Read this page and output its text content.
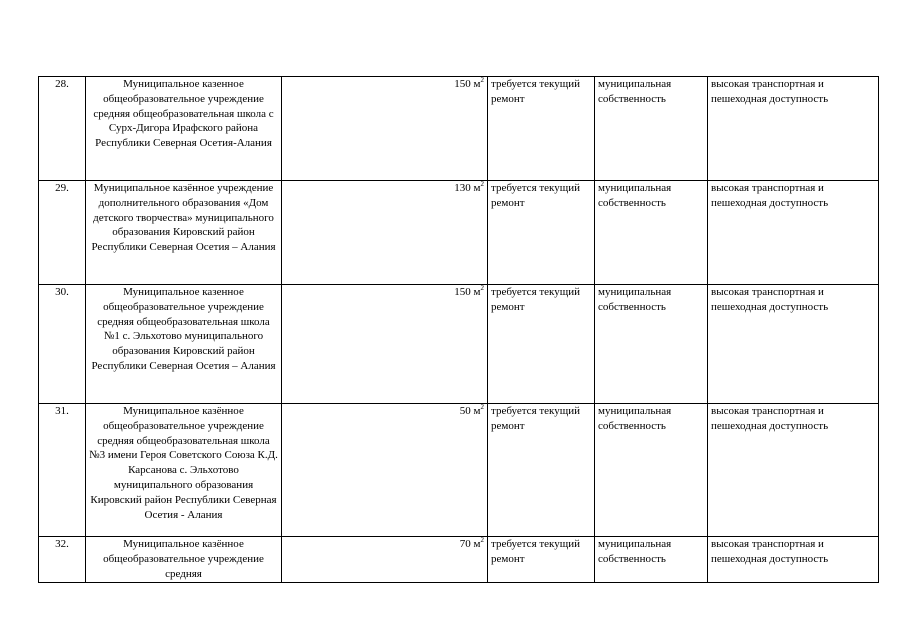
28.	Муниципальное казенное общеобразовательное учреждение средняя общеобразовательная школа с Сурх-Дигора Ирафского района Республики Северная Осетия-Алания	150 $м^2$	требуется текущий ремонт	муниципальная собственность	высокая транспортная и пешеходная доступность
29.	Муниципальное казённое учреждение дополнительного образования «Дом детского творчества» муниципального образования Кировский район Республики Северная Осетия – Алания	130 $м^2$	требуется текущий ремонт	муниципальная собственность	высокая транспортная и пешеходная доступность
30.	Муниципальное казенное общеобразовательное учреждение средняя общеобразовательная школа №1 с. Эльхотово муниципального образования Кировский район Республики Северная Осетия – Алания	150 $м^2$	требуется текущий ремонт	муниципальная собственность	высокая транспортная и пешеходная доступность
31.	Муниципальное казённое общеобразовательное учреждение средняя общеобразовательная школа №3 имени Героя Советского Союза К.Д. Карсанова с. Эльхотово муниципального образования Кировский район Республики Северная Осетия - Алания	50 $м^2$	требуется текущий ремонт	муниципальная собственность	высокая транспортная и пешеходная доступность
32.	Муниципальное казённое общеобразовательное учреждение средняя	70 $м^2$	требуется текущий ремонт	муниципальная собственность	высокая транспортная и пешеходная доступность
